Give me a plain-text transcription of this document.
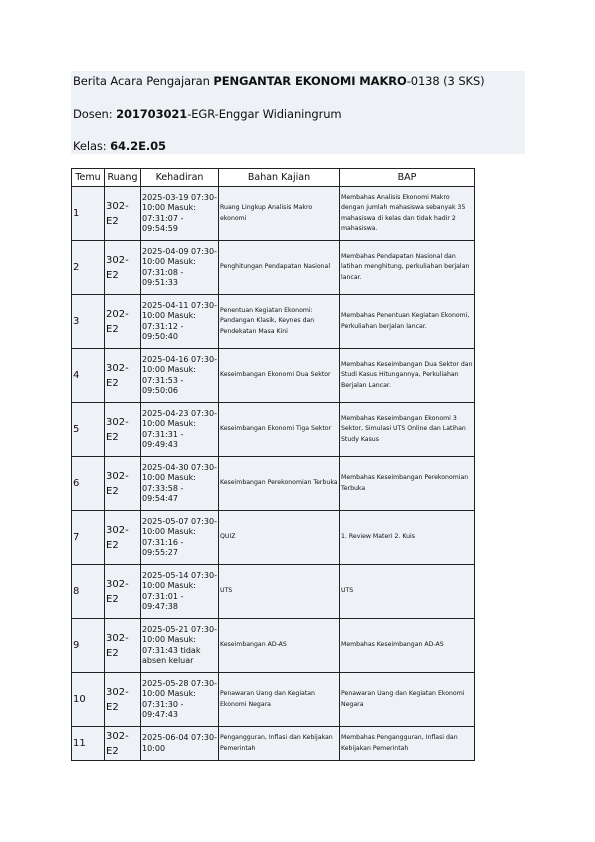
Berita Acara Pengajaran PENGANTAR EKONOMI MAKRO-0138 (3 SKS)
Dosen: 201703021-EGR-Enggar Widianingrum
Kelas: 64.2E.05
Temu	Ruang	Kehadiran	Bahan Kajian	BAP
1	302-E2	2025-03-19 07:30-10:00 Masuk: 07:31:07 - 09:54:59	Ruang Lingkup Analisis Makro ekonomi	Membahas Analisis Ekonomi Makro dengan jumlah mahasiswa sebanyak 35 mahasiswa di kelas dan tidak hadir 2 mahasiswa.
2	302-E2	2025-04-09 07:30-10:00 Masuk: 07:31:08 - 09:51:33	Penghitungan Pendapatan Nasional	Membahas Pendapatan Nasional dan latihan menghitung, perkuliahan berjalan lancar.
3	202-E2	2025-04-11 07:30-10:00 Masuk: 07:31:12 - 09:50:40	Penentuan Kegiatan Ekonomi: Pandangan Klasik, Keynes dan Pendekatan Masa Kini	Membahas Penentuan Kegiatan Ekonomi, Perkuliahan berjalan lancar.
4	302-E2	2025-04-16 07:30-10:00 Masuk: 07:31:53 - 09:50:06	Keseimbangan Ekonomi Dua Sektor	Membahas Keseimbangan Dua Sektor dan Studi Kasus Hitungannya, Perkuliahan Berjalan Lancar.
5	302-E2	2025-04-23 07:30-10:00 Masuk: 07:31:31 - 09:49:43	Keseimbangan Ekonomi Tiga Sektor	Membahas Keseimbangan Ekonomi 3 Sektor, Simulasi UTS Online dan Latihan Study Kasus
6	302-E2	2025-04-30 07:30-10:00 Masuk: 07:33:58 - 09:54:47	Keseimbangan Perekonomian Terbuka	Membahas Keseimbangan Perekonomian Terbuka
7	302-E2	2025-05-07 07:30-10:00 Masuk: 07:31:16 - 09:55:27	QUIZ	1. Review Materi 2. Kuis
8	302-E2	2025-05-14 07:30-10:00 Masuk: 07:31:01 - 09:47:38	UTS	UTS
9	302-E2	2025-05-21 07:30-10:00 Masuk: 07:31:43 tidak absen keluar	Keseimbangan AD-AS	Membahas Keseimbangan AD-AS
10	302-E2	2025-05-28 07:30-10:00 Masuk: 07:31:30 - 09:47:43	Penawaran Uang dan Kegiatan Ekonomi Negara	Penawaran Uang dan Kegiatan Ekonomi Negara
11	302-E2	2025-06-04 07:30-10:00	Pengangguran, Inflasi dan Kebijakan Pemerintah	Membahas Pengangguran, Inflasi dan Kebijakan Pemerintah
